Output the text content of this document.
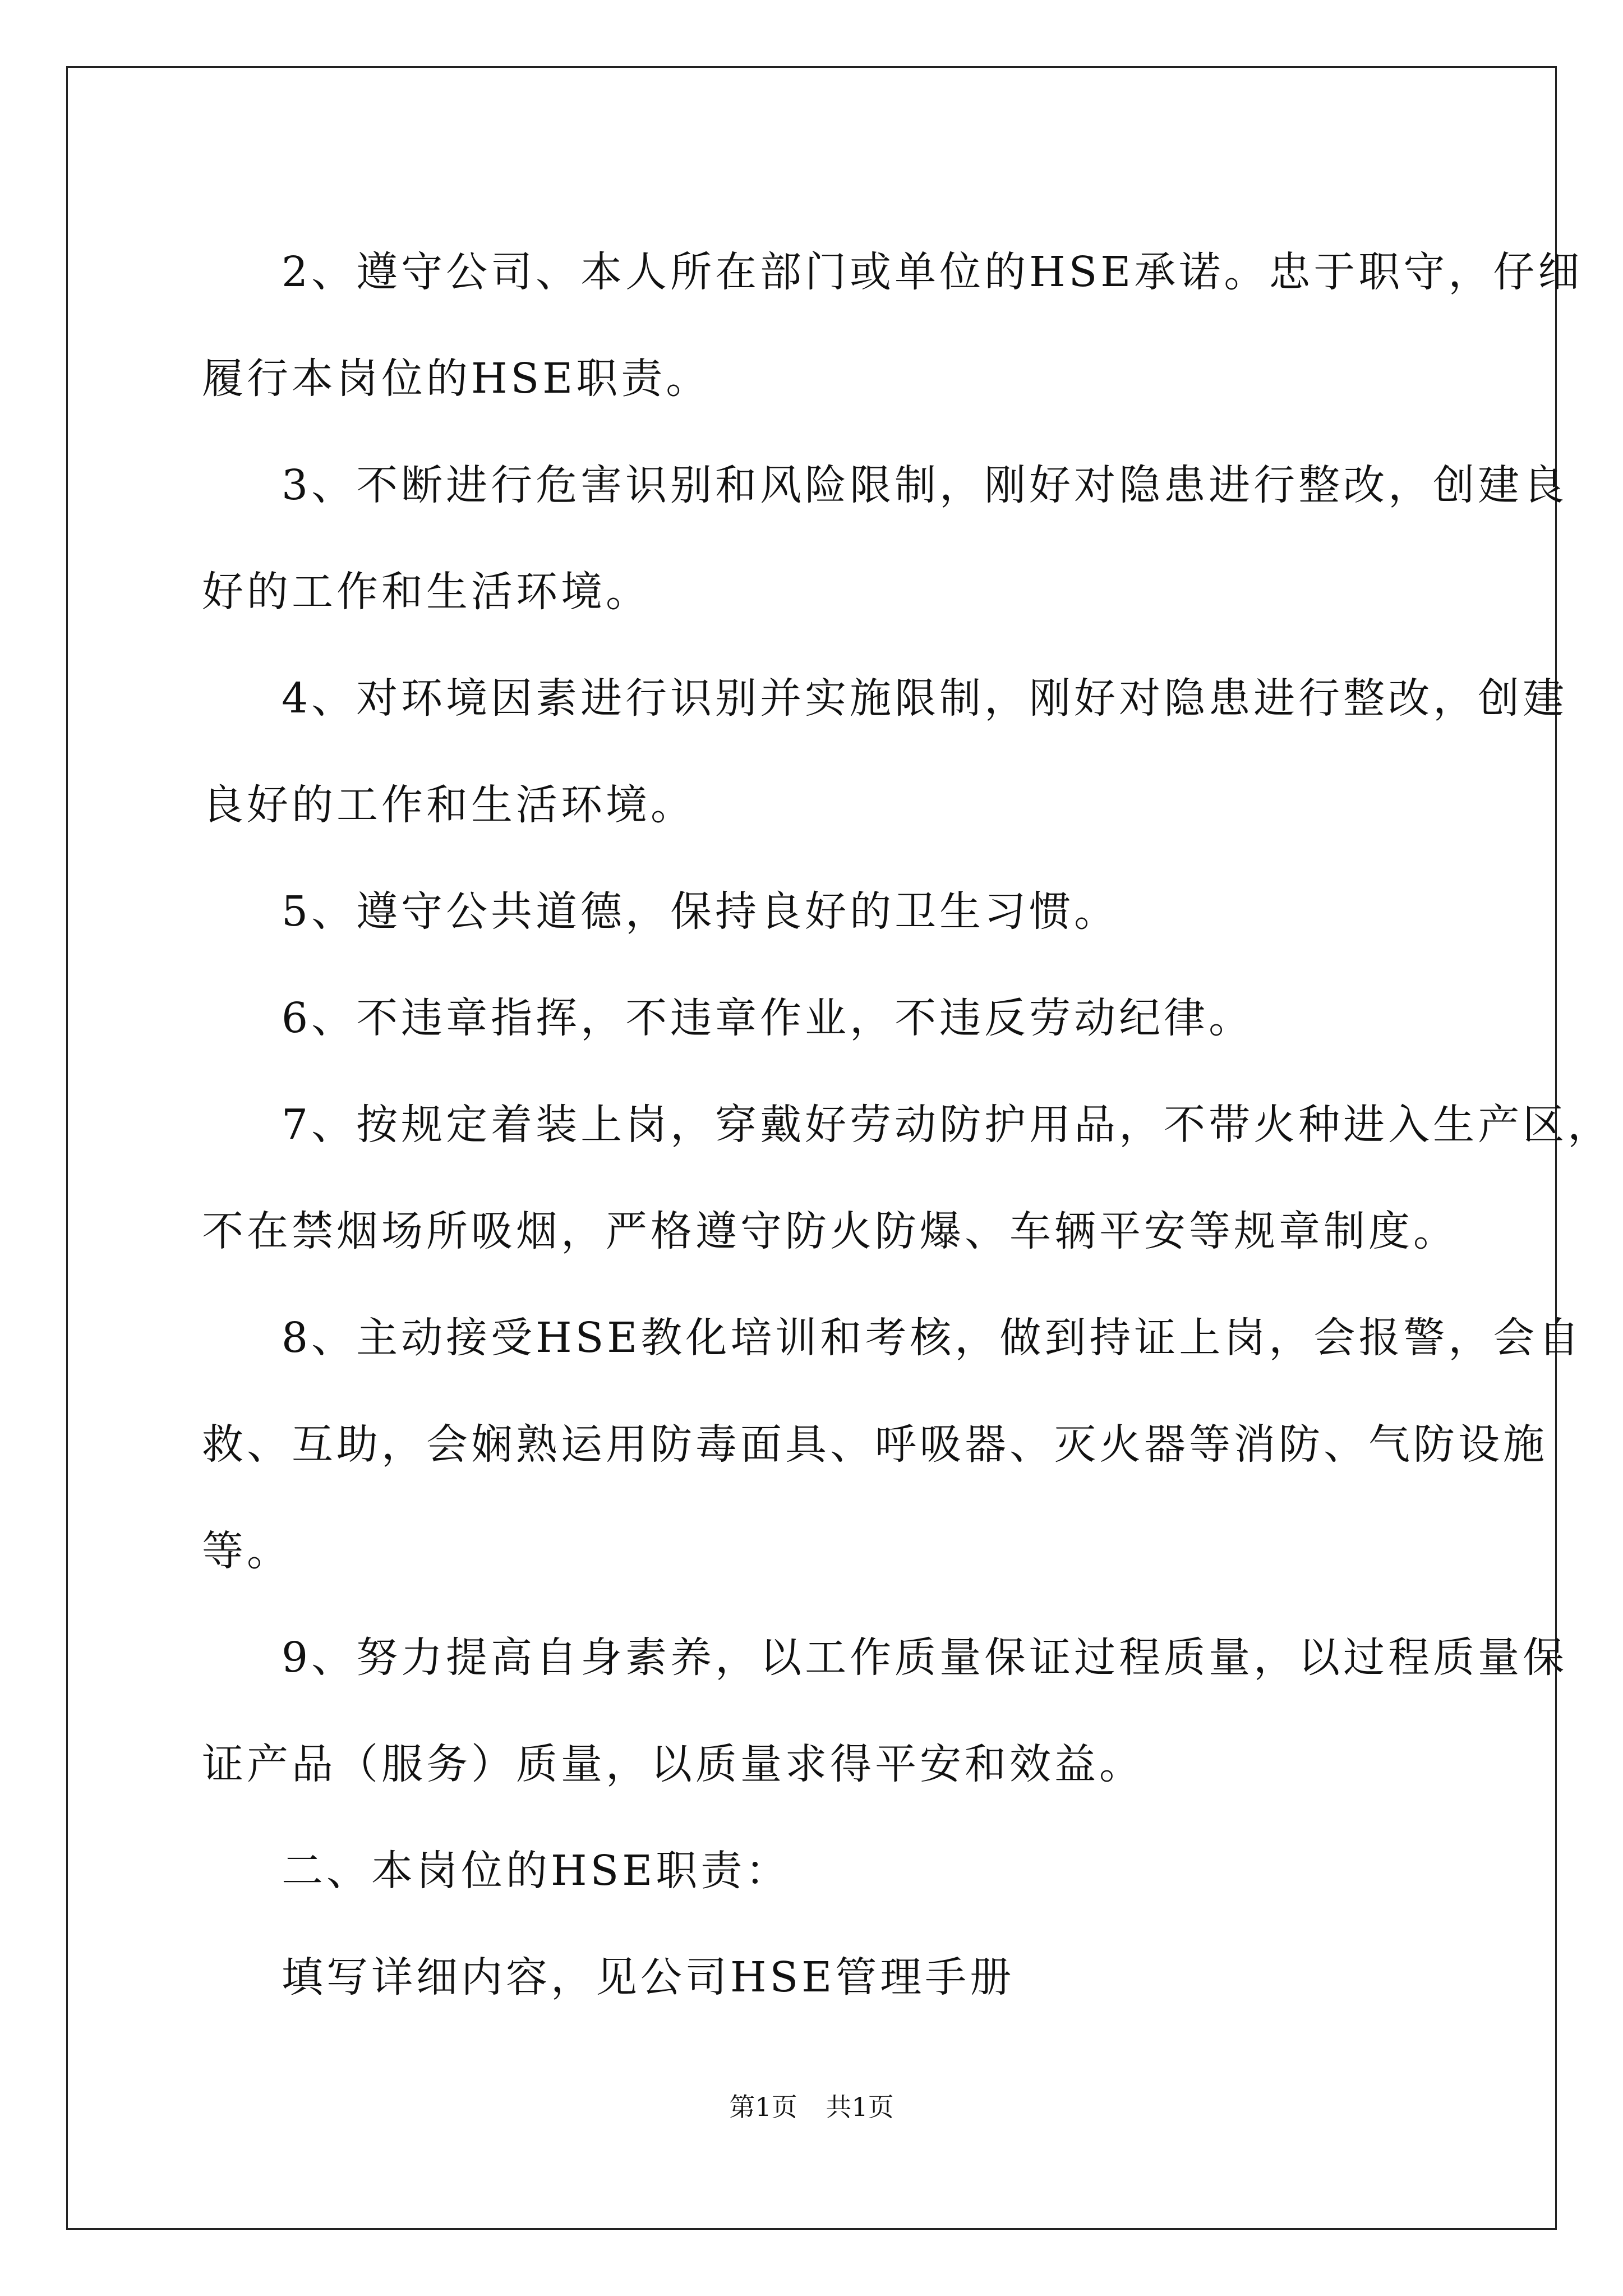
2、遵守公司、本人所在部门或单位的HSE承诺。忠于职守，仔细
履行本岗位的HSE职责。

3、不断进行危害识别和风险限制，刚好对隐患进行整改，创建良
好的工作和生活环境。

4、对环境因素进行识别并实施限制，刚好对隐患进行整改，创建
良好的工作和生活环境。

5、遵守公共道德，保持良好的卫生习惯。

6、不违章指挥，不违章作业，不违反劳动纪律。

7、按规定着装上岗，穿戴好劳动防护用品，不带火种进入生产区，
不在禁烟场所吸烟，严格遵守防火防爆、车辆平安等规章制度。

8、主动接受HSE教化培训和考核，做到持证上岗，会报警，会自
救、互助，会娴熟运用防毒面具、呼吸器、灭火器等消防、气防设施
等。

9、努力提高自身素养，以工作质量保证过程质量，以过程质量保
证产品（服务）质量，以质量求得平安和效益。

二、本岗位的HSE职责：

填写详细内容，见公司HSE管理手册

第1页 共1页
